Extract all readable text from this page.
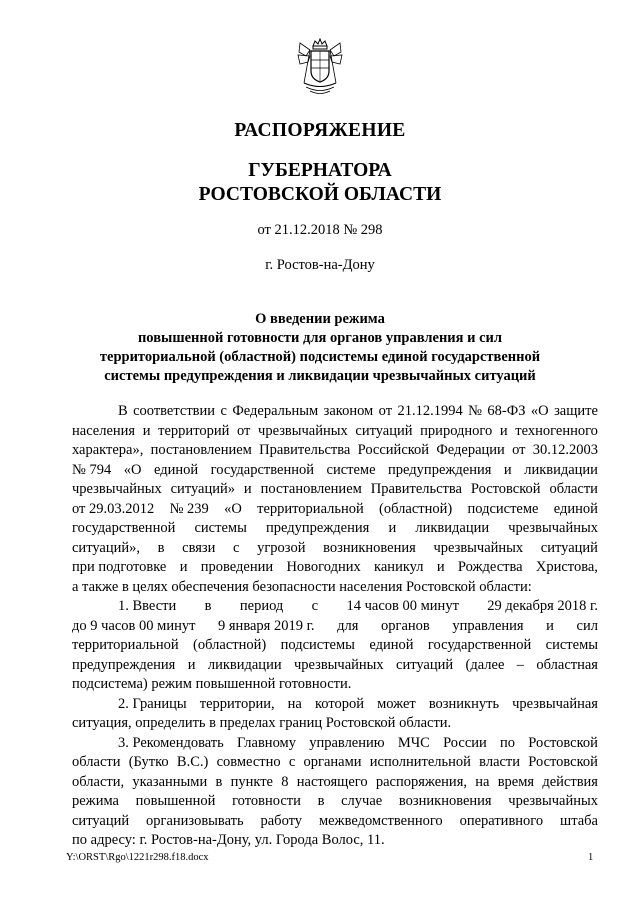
РАСПОРЯЖЕНИЕ
ГУБЕРНАТОРА
РОСТОВСКОЙ ОБЛАСТИ
от 21.12.2018 № 298
г. Ростов-на-Дону
О введении режима
повышенной готовности для органов управления и сил
территориальной (областной) подсистемы единой государственной
системы предупреждения и ликвидации чрезвычайных ситуаций
В соответствии с Федеральным законом от 21.12.1994 № 68-ФЗ «О защите
населения и территорий от чрезвычайных ситуаций природного и техногенного
характера», постановлением Правительства Российской Федерации от 30.12.2003
№ 794 «О единой государственной системе предупреждения и ликвидации
чрезвычайных ситуаций» и постановлением Правительства Ростовской области
от 29.03.2012 № 239 «О территориальной (областной) подсистеме единой
государственной системы предупреждения и ликвидации чрезвычайных
ситуаций», в связи с угрозой возникновения чрезвычайных ситуаций
при подготовке и проведении Новогодних каникул и Рождества Христова,
а также в целях обеспечения безопасности населения Ростовской области:
1. Ввести в период с 14 часов 00 минут 29 декабря 2018 г.
до 9 часов 00 минут 9 января 2019 г. для органов управления и сил
территориальной (областной) подсистемы единой государственной системы
предупреждения и ликвидации чрезвычайных ситуаций (далее – областная
подсистема) режим повышенной готовности.
2. Границы территории, на которой может возникнуть чрезвычайная
ситуация, определить в пределах границ Ростовской области.
3. Рекомендовать Главному управлению МЧС России по Ростовской
области (Бутко В.С.) совместно с органами исполнительной власти Ростовской
области, указанными в пункте 8 настоящего распоряжения, на время действия
режима повышенной готовности в случае возникновения чрезвычайных
ситуаций организовывать работу межведомственного оперативного штаба
по адресу: г. Ростов-на-Дону, ул. Города Волос, 11.
Y:\ORST\Rgo\1221r298.f18.docx	1
